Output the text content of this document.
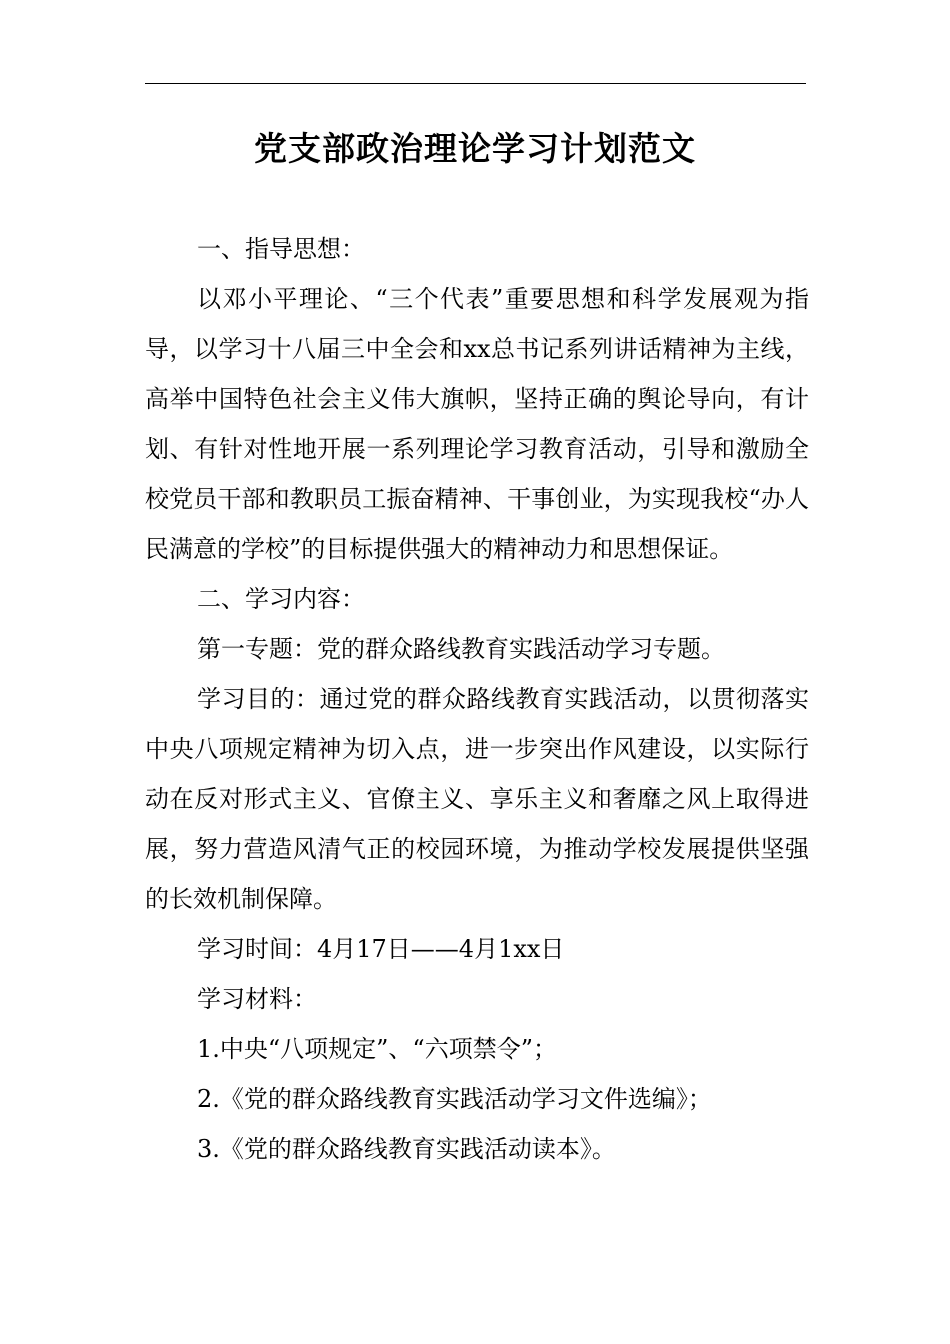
党支部政治理论学习计划范文

一、指导思想：

以邓小平理论、“三个代表”重要思想和科学发展观为指导，以学习十八届三中全会和xx总书记系列讲话精神为主线，高举中国特色社会主义伟大旗帜，坚持正确的舆论导向，有计划、有针对性地开展一系列理论学习教育活动，引导和激励全校党员干部和教职员工振奋精神、干事创业，为实现我校“办人民满意的学校”的目标提供强大的精神动力和思想保证。

二、学习内容：

第一专题：党的群众路线教育实践活动学习专题。

学习目的：通过党的群众路线教育实践活动，以贯彻落实中央八项规定精神为切入点，进一步突出作风建设，以实际行动在反对形式主义、官僚主义、享乐主义和奢靡之风上取得进展，努力营造风清气正的校园环境，为推动学校发展提供坚强的长效机制保障。

学习时间：4月17日——4月1xx日

学习材料：

1.中央“八项规定”、“六项禁令”；

2.《党的群众路线教育实践活动学习文件选编》；

3.《党的群众路线教育实践活动读本》。
